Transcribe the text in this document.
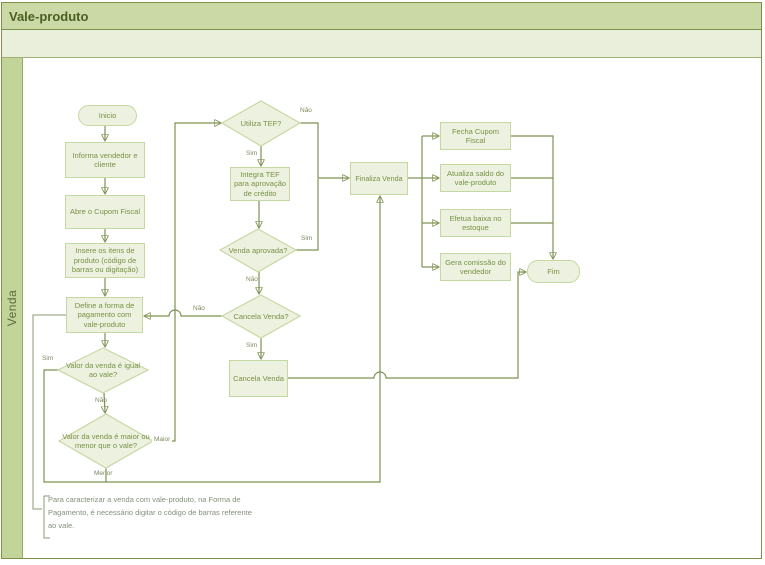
Vale-produto
Venda
Inicio
Informa vendedor e cliente
Abre o Cupom Fiscal
Insere os itens de produto (código de barras ou digitação)
Define a forma de pagamento com vale-produto
Integra TEF para aprovação de crédito
Cancela Venda
Finaliza Venda
Fecha Cupom Fiscal
Atualiza saldo do vale-produto
Efetua baixa no estoque
Gera comissão do vendedor	Fim
Utiliza TEF?
Venda aprovada?
Cancela Venda?
Valor da venda é igual ao vale?
Valor da venda é maior ou menor que o vale?
Sim
Não
Maior
Menor
Sim
Não
Sim
Não
Não
Sim
Para caracterizar a venda com vale-produto, na Forma de Pagamento, é necessário digitar o código de barras referente ao vale.
